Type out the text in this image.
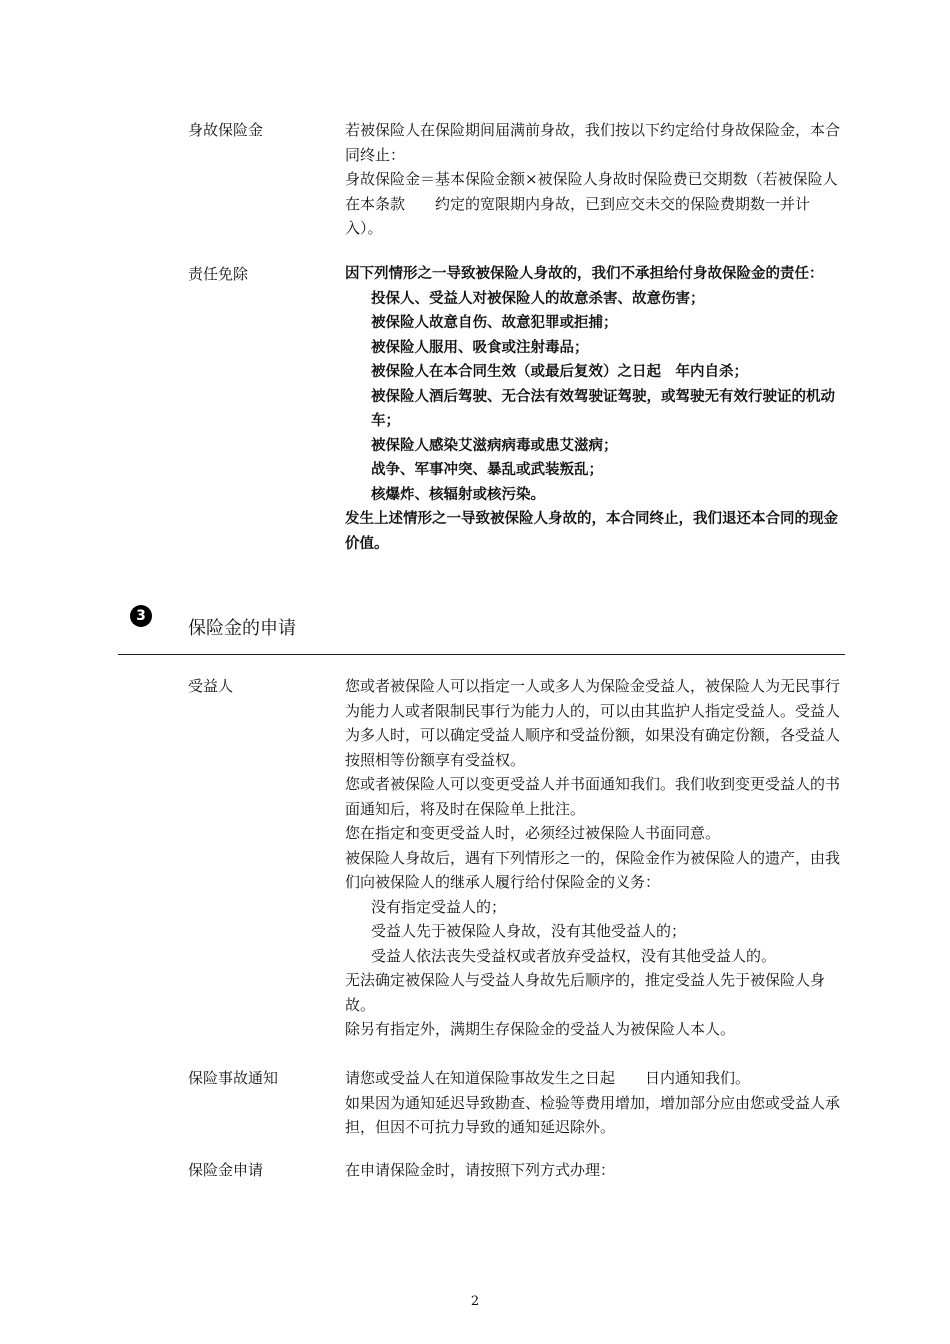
身故保险金	若被保险人在保险期间届满前身故，我们按以下约定给付身故保险金，本合同终止：

身故保险金＝基本保险金额×被保险人身故时保险费已交期数（若被保险人在本条款　　约定的宽限期内身故，已到应交未交的保险费期数一并计入）。

责任免除	因下列情形之一导致被保险人身故的，我们不承担给付身故保险金的责任：

投保人、受益人对被保险人的故意杀害、故意伤害；

被保险人故意自伤、故意犯罪或拒捕；

被保险人服用、吸食或注射毒品；

被保险人在本合同生效（或最后复效）之日起　年内自杀；

被保险人酒后驾驶、无合法有效驾驶证驾驶，或驾驶无有效行驶证的机动车；

被保险人感染艾滋病病毒或患艾滋病；

战争、军事冲突、暴乱或武装叛乱；

核爆炸、核辐射或核污染。

发生上述情形之一导致被保险人身故的，本合同终止，我们退还本合同的现金价值。

3
保险金的申请
受益人	您或者被保险人可以指定一人或多人为保险金受益人，被保险人为无民事行为能力人或者限制民事行为能力人的，可以由其监护人指定受益人。受益人为多人时，可以确定受益人顺序和受益份额，如果没有确定份额，各受益人按照相等份额享有受益权。

您或者被保险人可以变更受益人并书面通知我们。我们收到变更受益人的书面通知后，将及时在保险单上批注。

您在指定和变更受益人时，必须经过被保险人书面同意。

被保险人身故后，遇有下列情形之一的，保险金作为被保险人的遗产，由我们向被保险人的继承人履行给付保险金的义务：

没有指定受益人的；

受益人先于被保险人身故，没有其他受益人的；

受益人依法丧失受益权或者放弃受益权，没有其他受益人的。

无法确定被保险人与受益人身故先后顺序的，推定受益人先于被保险人身故。

除另有指定外，满期生存保险金的受益人为被保险人本人。

保险事故通知	请您或受益人在知道保险事故发生之日起　　日内通知我们。

如果因为通知延迟导致勘查、检验等费用增加，增加部分应由您或受益人承担，但因不可抗力导致的通知延迟除外。

保险金申请	在申请保险金时，请按照下列方式办理：

2
